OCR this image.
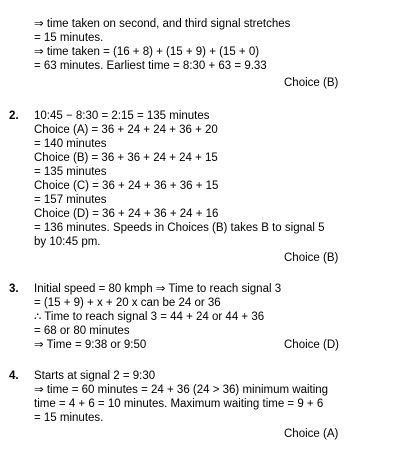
⇒ time taken on second, and third signal stretches
= 15 minutes.
⇒ time taken = (16 + 8) + (15 + 9) + (15 + 0)
= 63 minutes. Earliest time = 8:30 + 63 = 9.33
Choice (B)
2. 10:45 − 8:30 = 2:15 = 135 minutes
Choice (A) = 36 + 24 + 24 + 36 + 20
= 140 minutes
Choice (B) = 36 + 36 + 24 + 24 + 15
= 135 minutes
Choice (C) = 36 + 24 + 36 + 36 + 15
= 157 minutes
Choice (D) = 36 + 24 + 36 + 24 + 16
= 136 minutes. Speeds in Choices (B) takes B to signal 5
by 10:45 pm.
Choice (B)
3. Initial speed = 80 kmph ⇒ Time to reach signal 3
= (15 + 9) + x + 20 x can be 24 or 36
∴ Time to reach signal 3 = 44 + 24 or 44 + 36
= 68 or 80 minutes
⇒ Time = 9:38 or 9:50	Choice (D)
4. Starts at signal 2 = 9:30
⇒ time = 60 minutes = 24 + 36 (24 > 36) minimum waiting
time = 4 + 6 = 10 minutes. Maximum waiting time = 9 + 6
= 15 minutes.
Choice (A)
